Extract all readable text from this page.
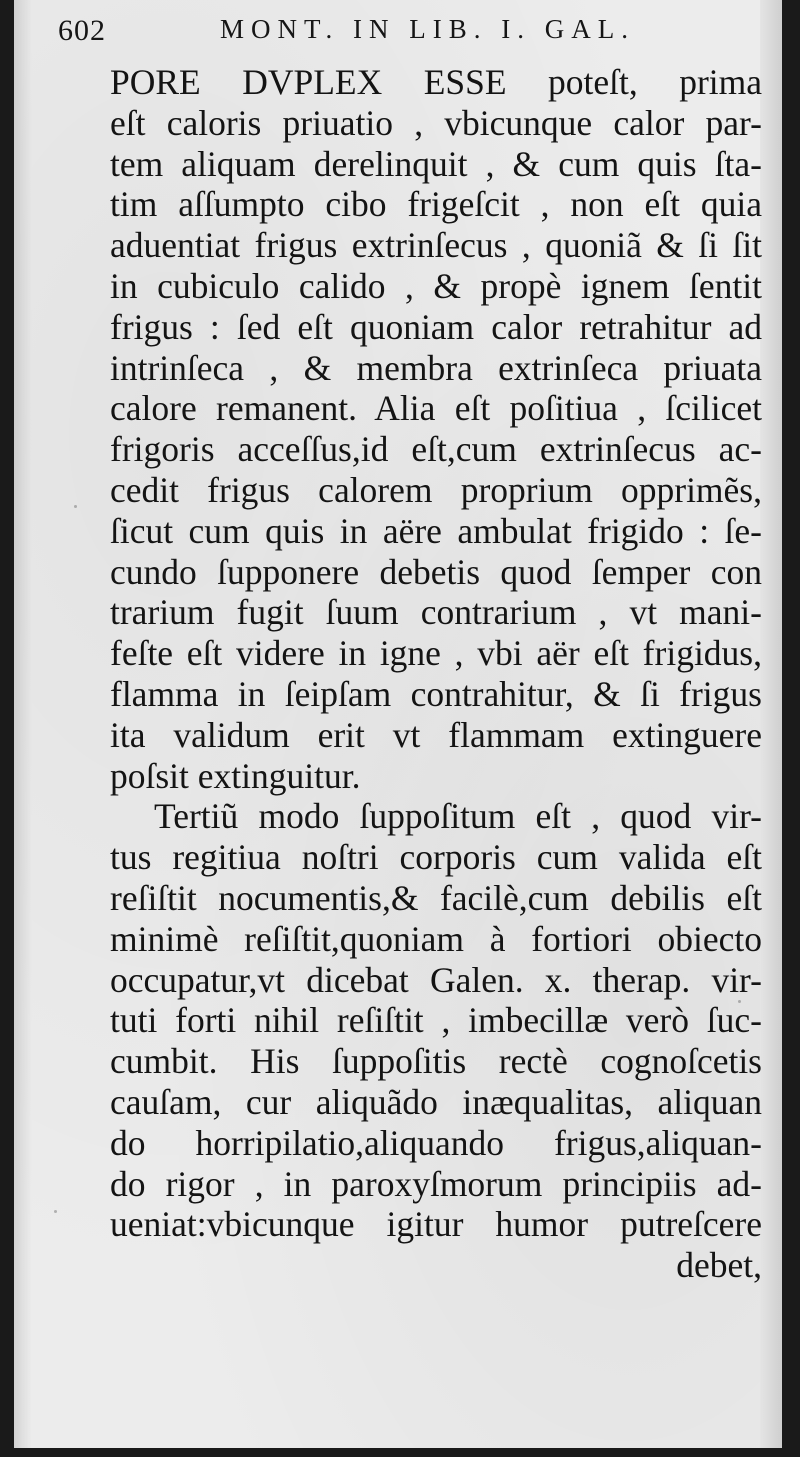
602	MONT. IN LIB. I. GAL.
PORE DVPLEX ESSE poteſt, prima
eſt caloris priuatio , vbicunque calor par-
tem aliquam derelinquit , & cum quis ſta-
tim aſſumpto cibo frigeſcit , non eſt quia
aduentiat frigus extrinſecus , quoniã & ſi ſit
in cubiculo calido , & propè ignem ſentit
frigus : ſed eſt quoniam calor retrahitur ad
intrinſeca , & membra extrinſeca priuata
calore remanent. Alia eſt poſitiua , ſcilicet
frigoris acceſſus,id eſt,cum extrinſecus ac-
cedit frigus calorem proprium opprimẽs,
ſicut cum quis in aëre ambulat frigido : ſe-
cundo ſupponere debetis quod ſemper con
trarium fugit ſuum contrarium , vt mani-
feſte eſt videre in igne , vbi aër eſt frigidus,
flamma in ſeipſam contrahitur, & ſi frigus
ita validum erit vt flammam extinguere
poſsit extinguitur.
Tertiũ modo ſuppoſitum eſt , quod vir-
tus regitiua noſtri corporis cum valida eſt
reſiſtit nocumentis,& facilè,cum debilis eſt
minimè reſiſtit,quoniam à fortiori obiecto
occupatur,vt dicebat Galen. x. therap. vir-
tuti forti nihil reſiſtit , imbecillæ verò ſuc-
cumbit. His ſuppoſitis rectè cognoſcetis
cauſam, cur aliquãdo inæqualitas, aliquan
do horripilatio,aliquando frigus,aliquan-
do rigor , in paroxyſmorum principiis ad-
ueniat:vbicunque igitur humor putreſcere
debet,
